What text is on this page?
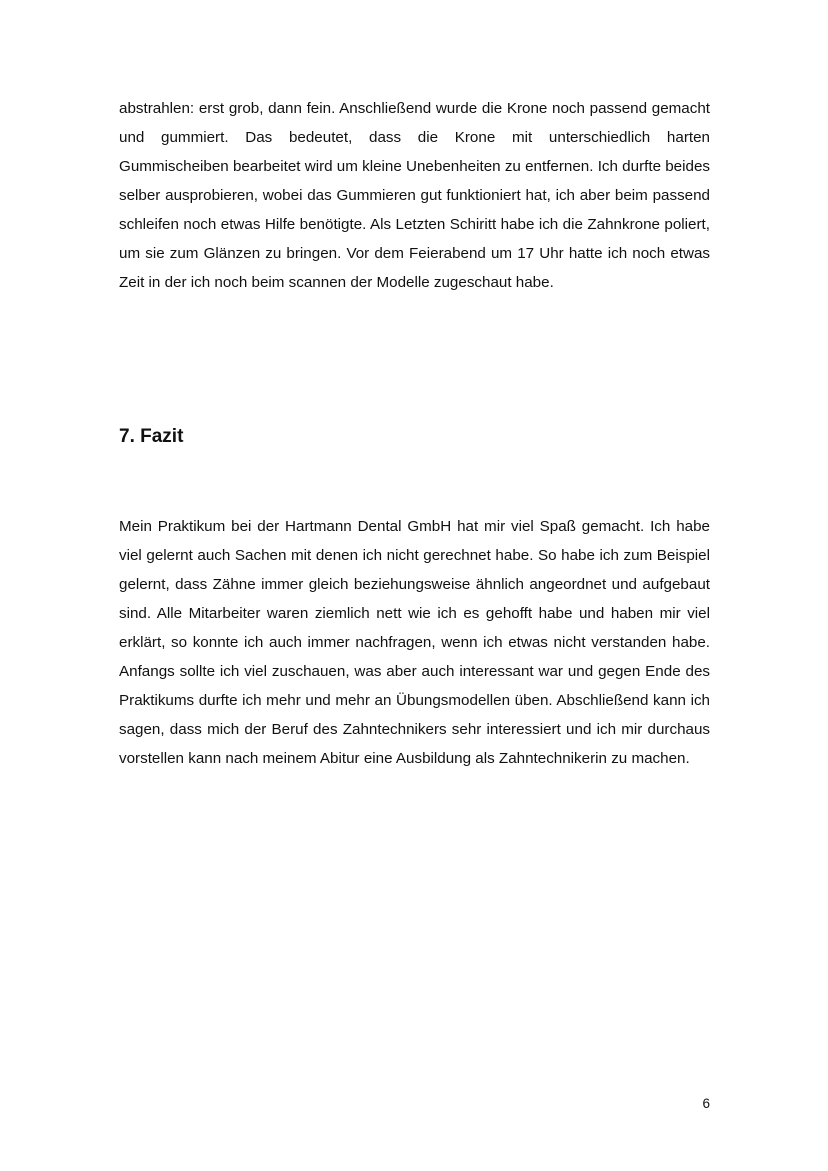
abstrahlen: erst grob, dann fein. Anschließend wurde die Krone noch passend gemacht und gummiert. Das bedeutet, dass die Krone mit unterschiedlich harten Gummischeiben bearbeitet wird um kleine Unebenheiten zu entfernen. Ich durfte beides selber ausprobieren, wobei das Gummieren gut funktioniert hat, ich aber beim passend schleifen noch etwas Hilfe benötigte. Als Letzten Schiritt habe ich die Zahnkrone poliert, um sie zum Glänzen zu bringen. Vor dem Feierabend um 17 Uhr hatte ich noch etwas Zeit in der ich noch beim scannen der Modelle zugeschaut habe.

7. Fazit

Mein Praktikum bei der Hartmann Dental GmbH hat mir viel Spaß gemacht. Ich habe viel gelernt auch Sachen mit denen ich nicht gerechnet habe. So habe ich zum Beispiel gelernt, dass Zähne immer gleich beziehungsweise ähnlich angeordnet und aufgebaut sind. Alle Mitarbeiter waren ziemlich nett wie ich es gehofft habe und haben mir viel erklärt, so konnte ich auch immer nachfragen, wenn ich etwas nicht verstanden habe. Anfangs sollte ich viel zuschauen, was aber auch interessant war und gegen Ende des Praktikums durfte ich mehr und mehr an Übungsmodellen üben. Abschließend kann ich sagen, dass mich der Beruf des Zahntechnikers sehr interessiert und ich mir durchaus vorstellen kann nach meinem Abitur eine Ausbildung als Zahntechnikerin zu machen.

6
